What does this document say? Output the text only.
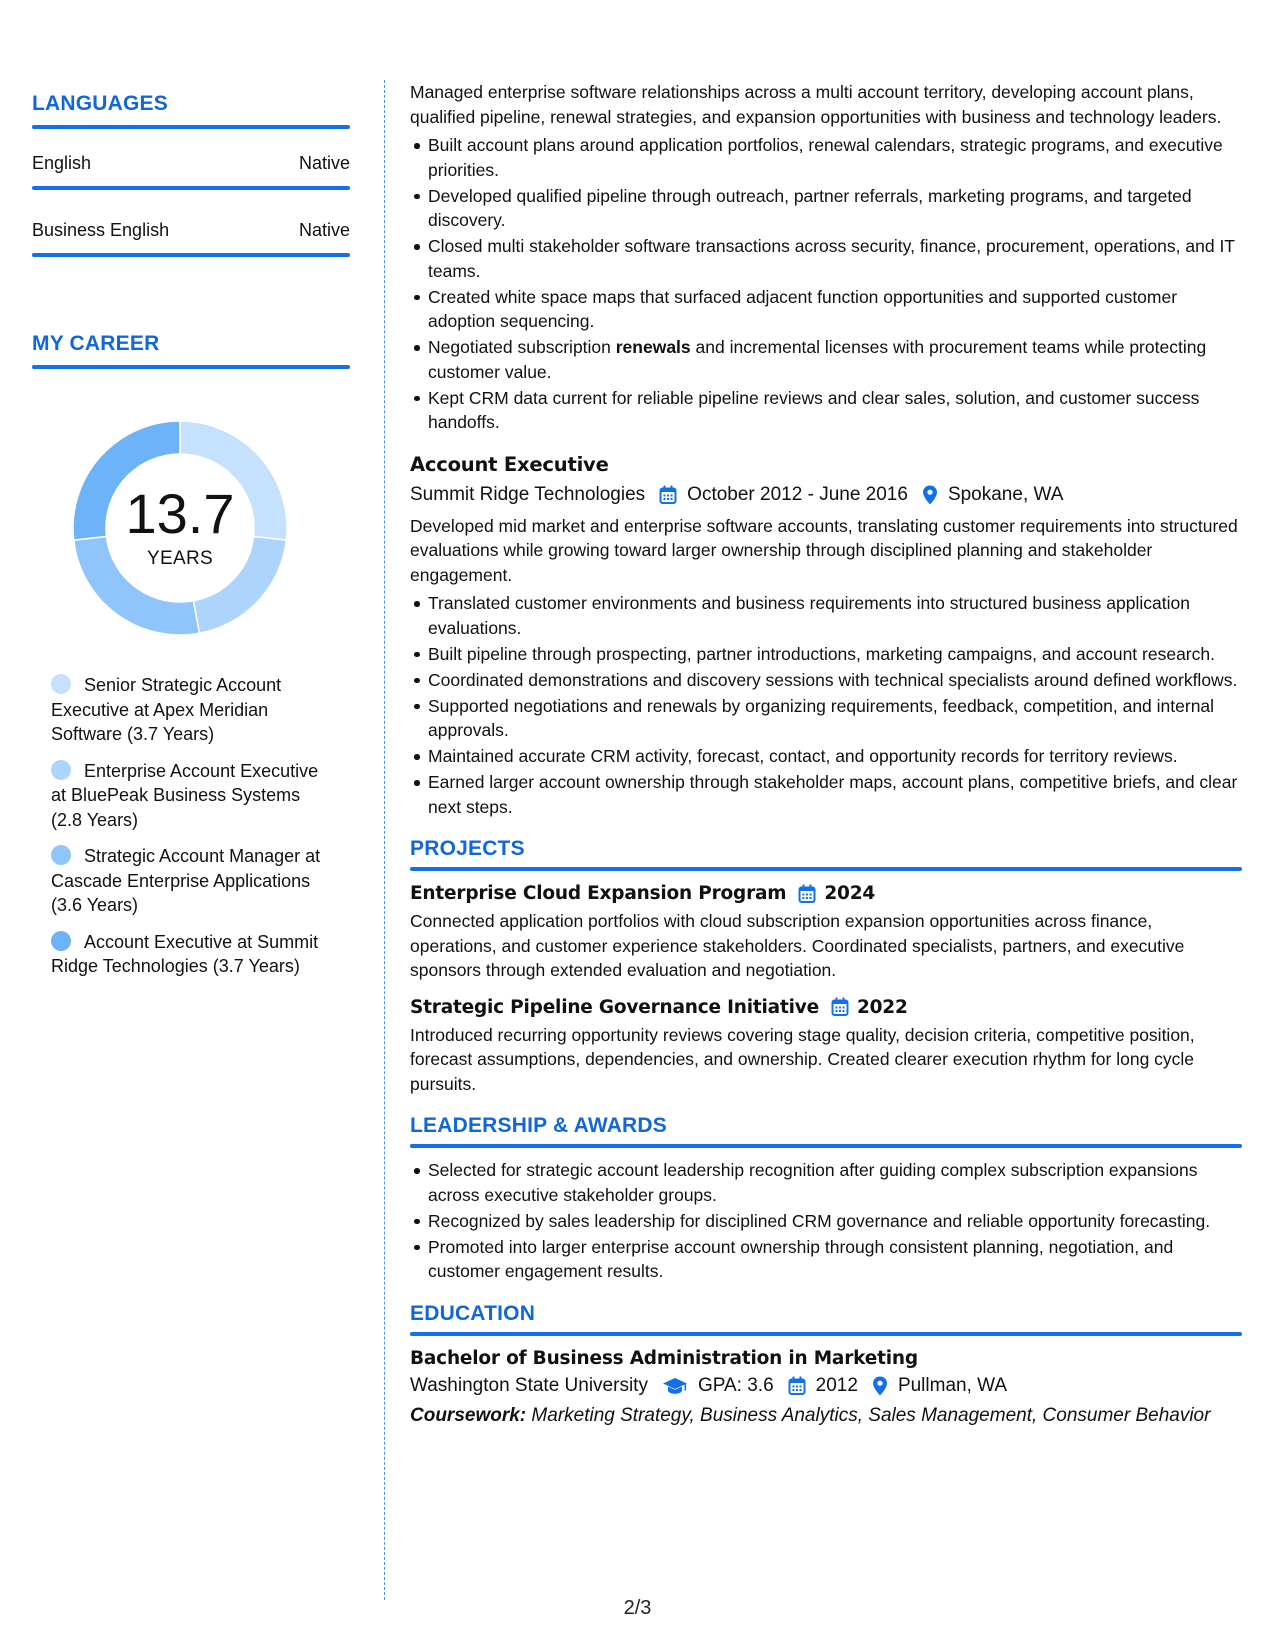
LANGUAGES
English	Native
Business English	Native
MY CAREER
13.7
YEARS
Senior Strategic Account Executive at Apex Meridian Software (3.7 Years)
Enterprise Account Executive at BluePeak Business Systems (2.8 Years)
Strategic Account Manager at Cascade Enterprise Applications (3.6 Years)
Account Executive at Summit Ridge Technologies (3.7 Years)

Managed enterprise software relationships across a multi account territory, developing account plans, qualified pipeline, renewal strategies, and expansion opportunities with business and technology leaders.

Built account plans around application portfolios, renewal calendars, strategic programs, and executive priorities.
Developed qualified pipeline through outreach, partner referrals, marketing programs, and targeted discovery.
Closed multi stakeholder software transactions across security, finance, procurement, operations, and IT teams.
Created white space maps that surfaced adjacent function opportunities and supported customer adoption sequencing.
Negotiated subscription renewals and incremental licenses with procurement teams while protecting customer value.
Kept CRM data current for reliable pipeline reviews and clear sales, solution, and customer success handoffs.
Account Executive
Summit Ridge Technologies October 2012 - June 2016 Spokane, WA

Developed mid market and enterprise software accounts, translating customer requirements into structured evaluations while growing toward larger ownership through disciplined planning and stakeholder engagement.

Translated customer environments and business requirements into structured business application evaluations.
Built pipeline through prospecting, partner introductions, marketing campaigns, and account research.
Coordinated demonstrations and discovery sessions with technical specialists around defined workflows.
Supported negotiations and renewals by organizing requirements, feedback, competition, and internal approvals.
Maintained accurate CRM activity, forecast, contact, and opportunity records for territory reviews.
Earned larger account ownership through stakeholder maps, account plans, competitive briefs, and clear next steps.
PROJECTS
Enterprise Cloud Expansion Program 2024

Connected application portfolios with cloud subscription expansion opportunities across finance, operations, and customer experience stakeholders. Coordinated specialists, partners, and executive sponsors through extended evaluation and negotiation.

Strategic Pipeline Governance Initiative 2022

Introduced recurring opportunity reviews covering stage quality, decision criteria, competitive position, forecast assumptions, dependencies, and ownership. Created clearer execution rhythm for long cycle pursuits.

LEADERSHIP & AWARDS
Selected for strategic account leadership recognition after guiding complex subscription expansions across executive stakeholder groups.
Recognized by sales leadership for disciplined CRM governance and reliable opportunity forecasting.
Promoted into larger enterprise account ownership through consistent planning, negotiation, and customer engagement results.
EDUCATION
Bachelor of Business Administration in Marketing
Washington State University	GPA: 3.6 2012 Pullman, WA
Coursework: Marketing Strategy, Business Analytics, Sales Management, Consumer Behavior
2/3
